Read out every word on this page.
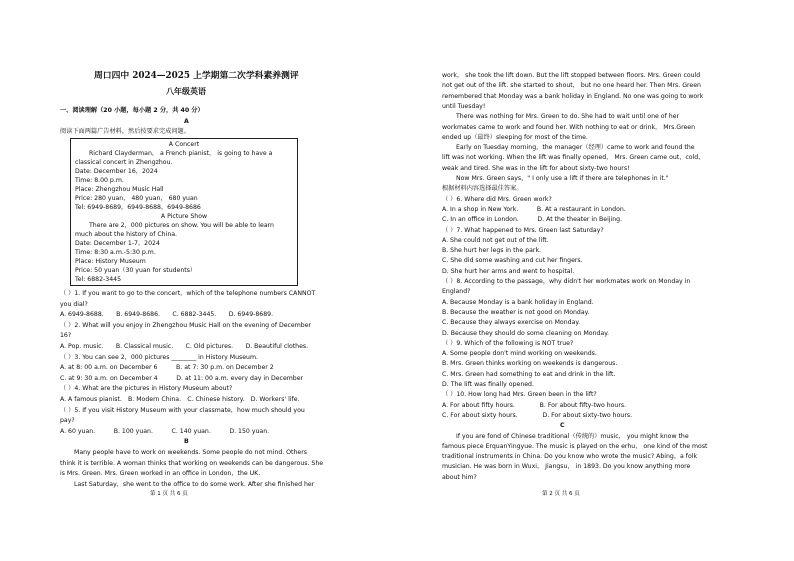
周口四中 2024—2025 上学期第二次学科素养测评
八年级英语
一、阅读理解（20 小题，每小题 2 分，共 40 分）
A
阅读下面两篇广告材料，然后按要求完成问题。
A Concert
Richard Clayderman， a French pianist， is going to have a
classical concert in Zhengzhou.
Date: December 16，2024
Time: 8.00 p.m.
Place: Zhengzhou Music Hall
Price: 280 yuan， 480 yuan， 680 yuan
Tel: 6949-8689，6949-8688，6949-8686
A Picture Show
There are 2，000 pictures on show. You will be able to learn
much about the history of China.
Date: December 1-7，2024
Time: 8:30 a.m.-5:30 p.m.
Place: History Museum
Price: 50 yuan（30 yuan for students）
Tel: 6882-3445
（ ）1. If you want to go to the concert，which of the telephone numbers CANNOT
you dial?
A. 6949-8688.　　B. 6949-8686.　　C. 6882-3445.　　D. 6949-8689.
（ ）2. What will you enjoy in Zhengzhou Music Hall on the evening of December
16?
A. Pop. music.　　B. Classical music.　　C. Old pictures.　　D. Beautiful clothes.
（ ）3. You can see 2，000 pictures ________ in History Museum.
A. at 8: 00 a.m. on December 6　　　B. at 7: 30 p.m. on December 2
C. at 9: 30 a.m. on December 4　　　D. at 11: 00 a.m. every day in December
（ ）4. What are the pictures in History Museum about?
A. A famous pianist.　B. Modern China.　C. Chinese history.　D. Workers' life.
（ ）5. If you visit History Museum with your classmate，how much should you
pay?
A. 60 yuan.　　　B. 100 yuan.　　　C. 140 yuan.　　　D. 150 yuan.
B
Many people have to work on weekends. Some people do not mind. Others
think it is terrible. A woman thinks that working on weekends can be dangerous. She
is Mrs. Green. Mrs. Green worked in an office in London，the UK.
Last Saturday，she went to the office to do some work. After she finished her
第 1 页 共 6 页
work， she took the lift down. But the lift stopped between floors. Mrs. Green could
not get out of the lift. she started to shout， but no one heard her. Then Mrs. Green
remembered that Monday was a bank holiday in England. No one was going to work
until Tuesday!
There was nothing for Mrs. Green to do. She had to wait until one of her
workmates came to work and found her. With nothing to eat or drink， Mrs.Green
ended up（最终）sleeping for most of the time.
Early on Tuesday morning，the manager（经理）came to work and found the
lift was not working. When the lift was finally opened， Mrs. Green came out，cold，
weak and tired. She was in the lift for about sixty-two hours!
Now Mrs. Green says，" I only use a lift if there are telephones in it."
根据材料内容选择最佳答案。
（ ）6. Where did Mrs. Green work?
A. In a shop in New York.　　　B. At a restaurant in London.
C. In an office in London.　　　D. At the theater in Beijing.
（ ）7. What happened to Mrs. Green last Saturday?
A. She could not get out of the lift.
B. She hurt her legs in the park.
C. She did some washing and cut her fingers.
D. She hurt her arms and went to hospital.
（ ）8. According to the passage，why didn't her workmates work on Monday in
England?
A. Because Monday is a bank holiday in England.
B. Because the weather is not good on Monday.
C. Because they always exercise on Monday.
D. Because they should do some cleaning on Monday.
（ ）9. Which of the following is NOT true?
A. Some people don't mind working on weekends.
B. Mrs. Green thinks working on weekends is dangerous.
C. Mrs. Green had something to eat and drink in the lift.
D. The lift was finally opened.
（ ）10. How long had Mrs. Green been in the lift?
A. For about fifty hours.　　　　B. For about fifty-two hours.
C. For about sixty hours.　　　　D. For about sixty-two hours.
C
If you are fond of Chinese traditional（传统的）music， you might know the
famous piece ErquanYingyue. The music is played on the erhu， one kind of the most
traditional instruments in China. Do you know who wrote the music? Abing，a folk
musician. He was born in Wuxi， Jiangsu， in 1893. Do you know anything more
about him?
第 2 页 共 6 页
